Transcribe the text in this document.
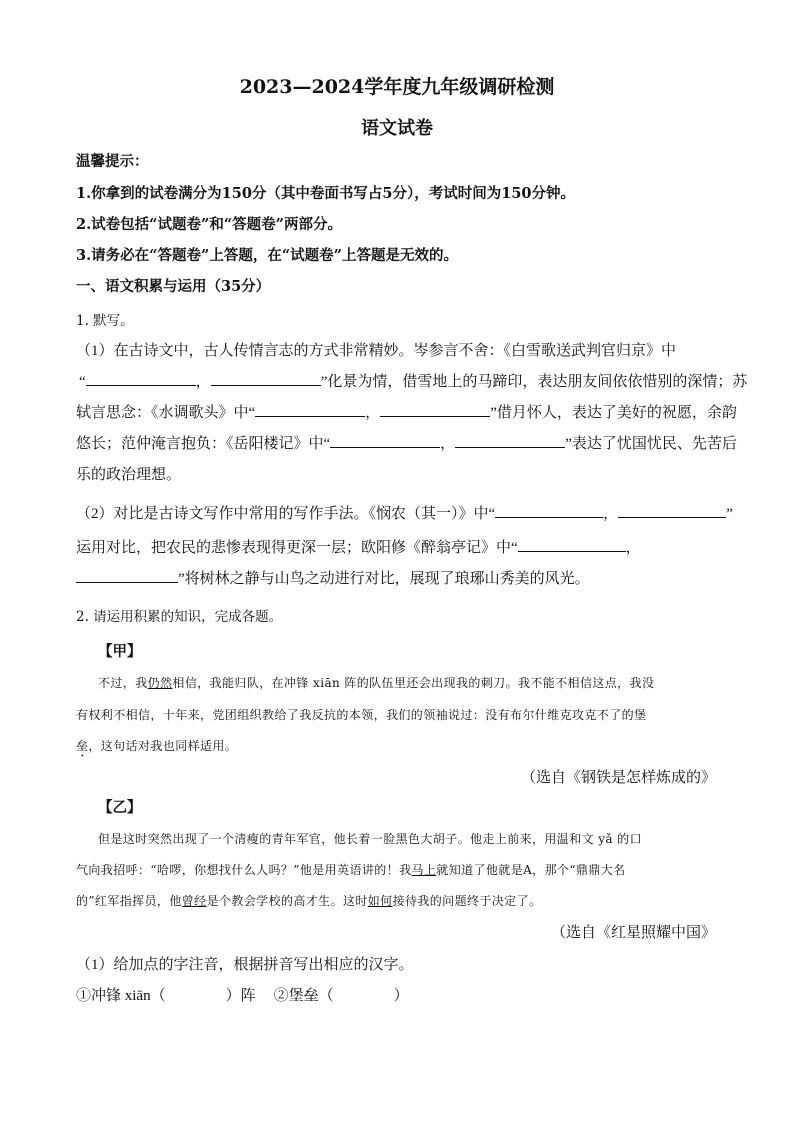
2023—2024学年度九年级调研检测
语文试卷
温馨提示：
1.你拿到的试卷满分为150分（其中卷面书写占5分），考试时间为150分钟。
2.试卷包括“试题卷”和“答题卷”两部分。
3.请务必在“答题卷”上答题，在“试题卷”上答题是无效的。
一、语文积累与运用（35分）
1. 默写。
（1）在古诗文中，古人传情言志的方式非常精妙。岑参言不舍：《白雪歌送武判官归京》中
“	，	”化景为情，借雪地上的马蹄印，表达朋友间依依惜别的深情；苏
轼言思念：《水调歌头》中“	，	”借月怀人，表达了美好的祝愿，余韵
悠长；范仲淹言抱负：《岳阳楼记》中“	，	”表达了忧国忧民、先苦后
乐的政治理想。
（2）对比是古诗文写作中常用的写作手法。《悯农（其一）》中“	，	”
运用对比，把农民的悲惨表现得更深一层；欧阳修《醉翁亭记》中“	，
”将树林之静与山鸟之动进行对比，展现了琅琊山秀美的风光。
2. 请运用积累的知识，完成各题。
【甲】
不过，我仍然相信，我能归队，在冲锋 xiān 阵的队伍里还会出现我的刺刀。我不能不相信这点，我没
有权利不相信，十年来，党团组织教给了我反抗的本领，我们的领袖说过：没有布尔什维克攻克不了的堡
垒，这句话对我也同样适用。
（选自《钢铁是怎样炼成的》
【乙】
但是这时突然出现了一个清瘦的青年军官，他长着一脸黑色大胡子。他走上前来，用温和文 yǎ 的口
气向我招呼：“哈啰，你想找什么人吗？”他是用英语讲的！我马上就知道了他就是A，那个“鼎鼎大名
的”红军指挥员，他曾经是个教会学校的高才生。这时如何接待我的问题终于决定了。
（选自《红星照耀中国》
（1）给加点的字注音，根据拼音写出相应的汉字。
①冲锋 xiān（	）阵 ②堡垒（	）
